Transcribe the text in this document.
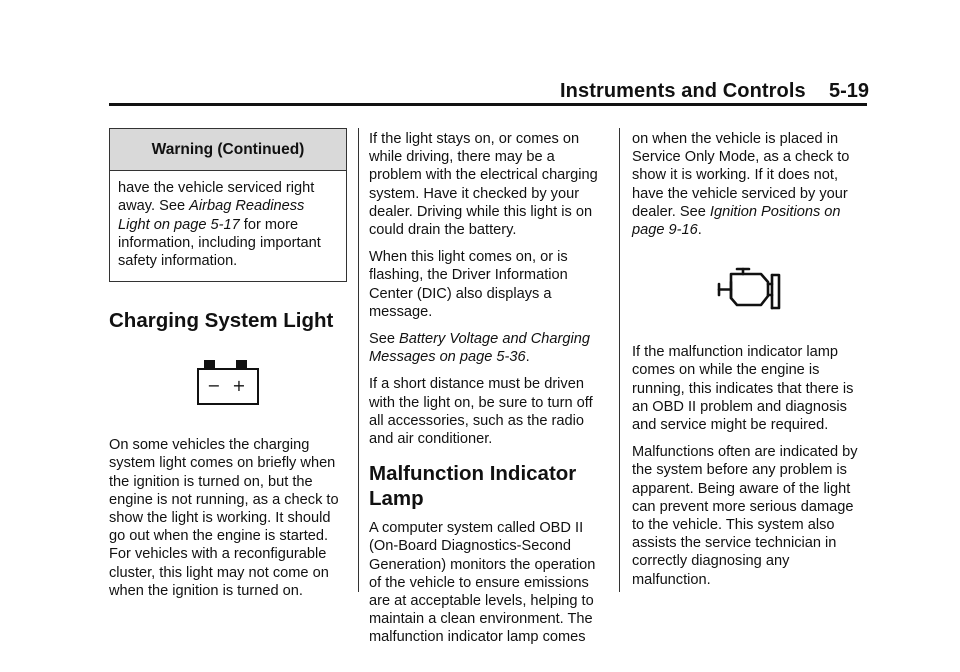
Instruments and Controls 5-19
Warning (Continued)
have the vehicle serviced right away. See Airbag Readiness Light on page 5-17 for more information, including important safety information.
Charging System Light
− +

On some vehicles the charging system light comes on briefly when the ignition is turned on, but the engine is not running, as a check to show the light is working. It should go out when the engine is started. For vehicles with a reconfigurable cluster, this light may not come on when the ignition is turned on.

If the light stays on, or comes on while driving, there may be a problem with the electrical charging system. Have it checked by your dealer. Driving while this light is on could drain the battery.

When this light comes on, or is flashing, the Driver Information Center (DIC) also displays a message.

See Battery Voltage and Charging Messages on page 5-36.

If a short distance must be driven with the light on, be sure to turn off all accessories, such as the radio and air conditioner.

Malfunction Indicator Lamp

A computer system called OBD II (On-Board Diagnostics-Second Generation) monitors the operation of the vehicle to ensure emissions are at acceptable levels, helping to maintain a clean environment. The malfunction indicator lamp comes

on when the vehicle is placed in Service Only Mode, as a check to show it is working. If it does not, have the vehicle serviced by your dealer. See Ignition Positions on page 9-16.

If the malfunction indicator lamp comes on while the engine is running, this indicates that there is an OBD II problem and diagnosis and service might be required.

Malfunctions often are indicated by the system before any problem is apparent. Being aware of the light can prevent more serious damage to the vehicle. This system also assists the service technician in correctly diagnosing any malfunction.
